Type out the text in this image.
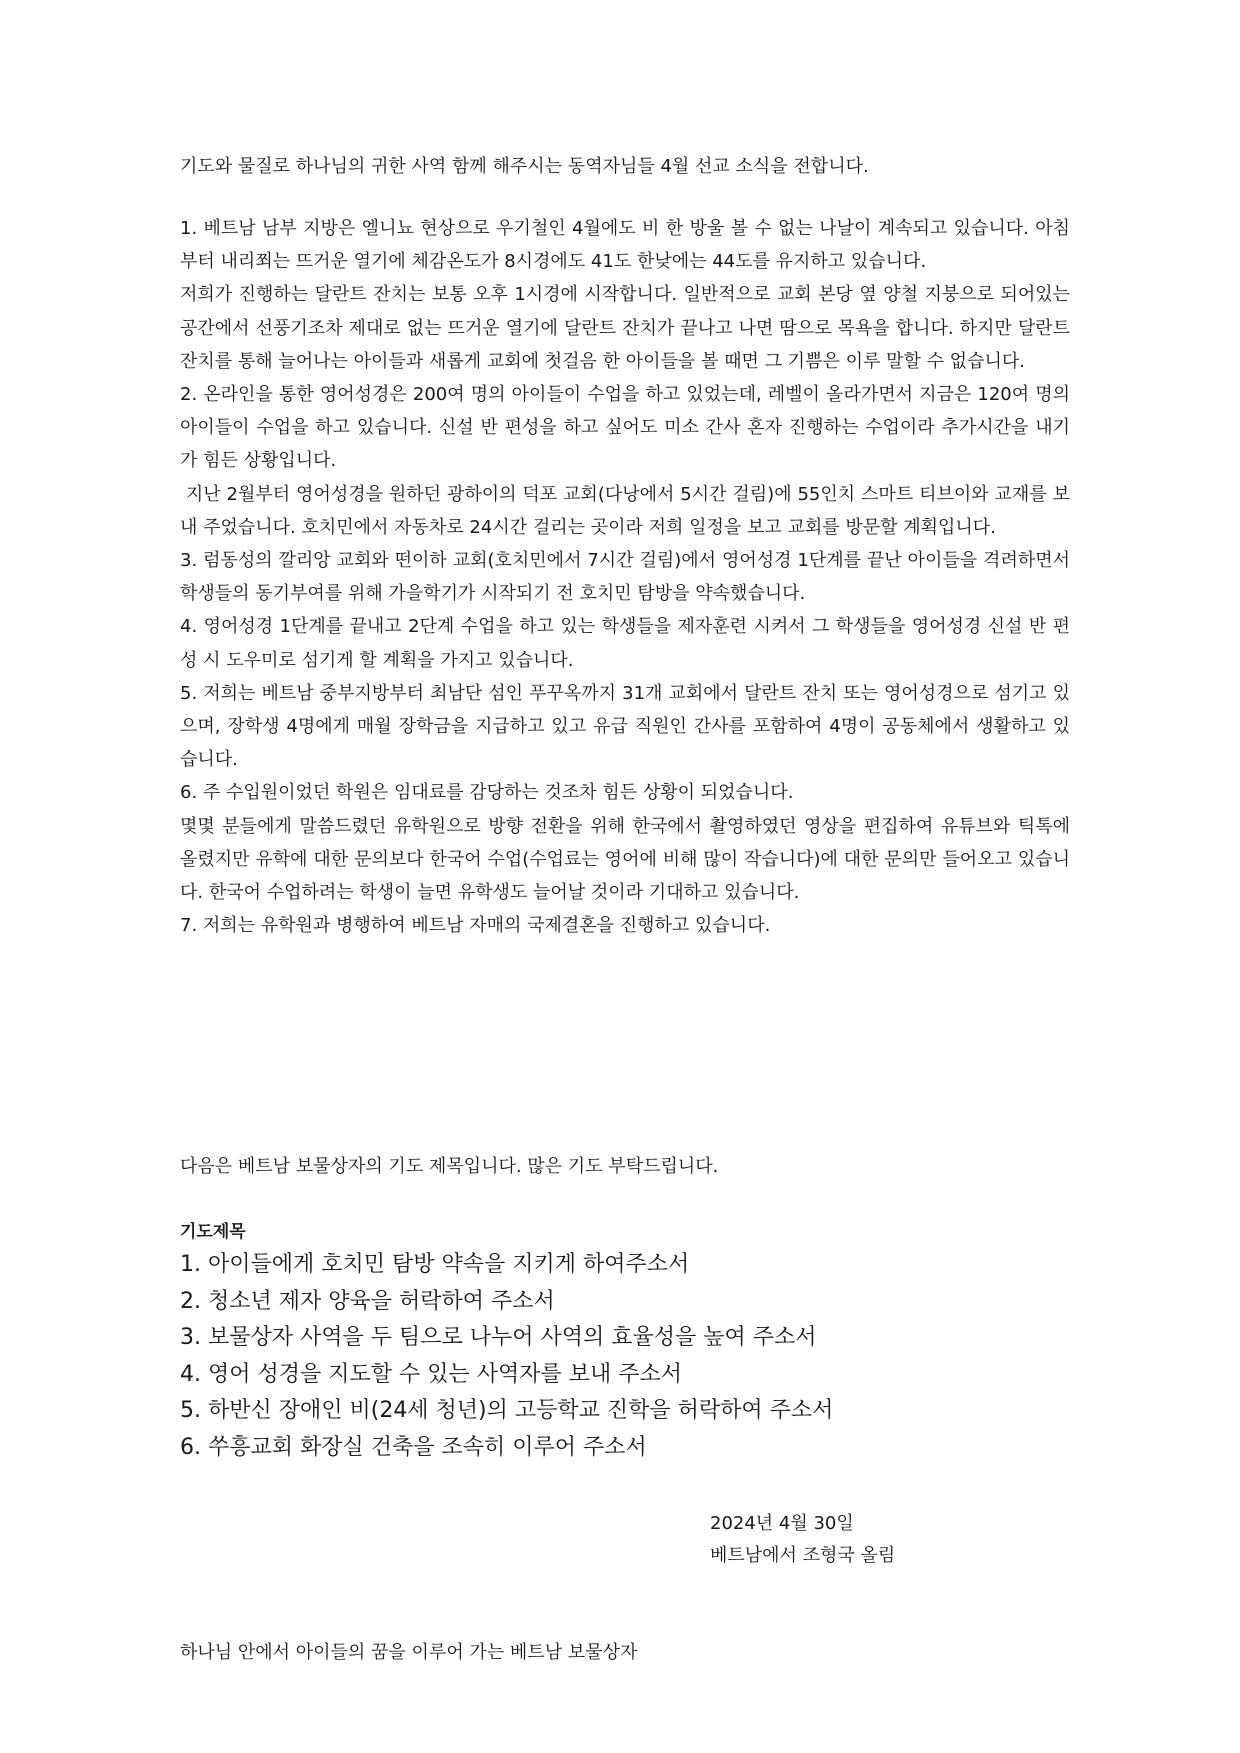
기도와 물질로 하나님의 귀한 사역 함께 해주시는 동역자님들 4월 선교 소식을 전합니다.

1. 베트남 남부 지방은 엘니뇨 현상으로 우기철인 4월에도 비 한 방울 볼 수 없는 나날이 계속되고 있습니다. 아침부터 내리쬐는 뜨거운 열기에 체감온도가 8시경에도 41도 한낮에는 44도를 유지하고 있습니다.

저희가 진행하는 달란트 잔치는 보통 오후 1시경에 시작합니다. 일반적으로 교회 본당 옆 양철 지붕으로 되어있는 공간에서 선풍기조차 제대로 없는 뜨거운 열기에 달란트 잔치가 끝나고 나면 땀으로 목욕을 합니다. 하지만 달란트 잔치를 통해 늘어나는 아이들과 새롭게 교회에 첫걸음 한 아이들을 볼 때면 그 기쁨은 이루 말할 수 없습니다.

2. 온라인을 통한 영어성경은 200여 명의 아이들이 수업을 하고 있었는데, 레벨이 올라가면서 지금은 120여 명의 아이들이 수업을 하고 있습니다. 신설 반 편성을 하고 싶어도 미소 간사 혼자 진행하는 수업이라 추가시간을 내기가 힘든 상황입니다.

지난 2월부터 영어성경을 원하던 광하이의 덕포 교회(다낭에서 5시간 걸림)에 55인치 스마트 티브이와 교재를 보내 주었습니다. 호치민에서 자동차로 24시간 걸리는 곳이라 저희 일정을 보고 교회를 방문할 계획입니다.

3. 럼동성의 깔리앙 교회와 떤이하 교회(호치민에서 7시간 걸림)에서 영어성경 1단계를 끝난 아이들을 격려하면서 학생들의 동기부여를 위해 가을학기가 시작되기 전 호치민 탐방을 약속했습니다.

4. 영어성경 1단계를 끝내고 2단계 수업을 하고 있는 학생들을 제자훈련 시켜서 그 학생들을 영어성경 신설 반 편성 시 도우미로 섬기게 할 계획을 가지고 있습니다.

5. 저희는 베트남 중부지방부터 최남단 섬인 푸꾸옥까지 31개 교회에서 달란트 잔치 또는 영어성경으로 섬기고 있으며, 장학생 4명에게 매월 장학금을 지급하고 있고 유급 직원인 간사를 포함하여 4명이 공동체에서 생활하고 있습니다.

6. 주 수입원이었던 학원은 임대료를 감당하는 것조차 힘든 상황이 되었습니다.

몇몇 분들에게 말씀드렸던 유학원으로 방향 전환을 위해 한국에서 촬영하였던 영상을 편집하여 유튜브와 틱톡에 올렸지만 유학에 대한 문의보다 한국어 수업(수업료는 영어에 비해 많이 작습니다)에 대한 문의만 들어오고 있습니다. 한국어 수업하려는 학생이 늘면 유학생도 늘어날 것이라 기대하고 있습니다.

7. 저희는 유학원과 병행하여 베트남 자매의 국제결혼을 진행하고 있습니다.

다음은 베트남 보물상자의 기도 제목입니다. 많은 기도 부탁드립니다.
기도제목
1. 아이들에게 호치민 탐방 약속을 지키게 하여주소서
2. 청소년 제자 양육을 허락하여 주소서
3. 보물상자 사역을 두 팀으로 나누어 사역의 효율성을 높여 주소서
4. 영어 성경을 지도할 수 있는 사역자를 보내 주소서
5. 하반신 장애인 비(24세 청년)의 고등학교 진학을 허락하여 주소서
6. 쑤흥교회 화장실 건축을 조속히 이루어 주소서
2024년 4월 30일
베트남에서 조형국 올림
하나님 안에서 아이들의 꿈을 이루어 가는 베트남 보물상자
